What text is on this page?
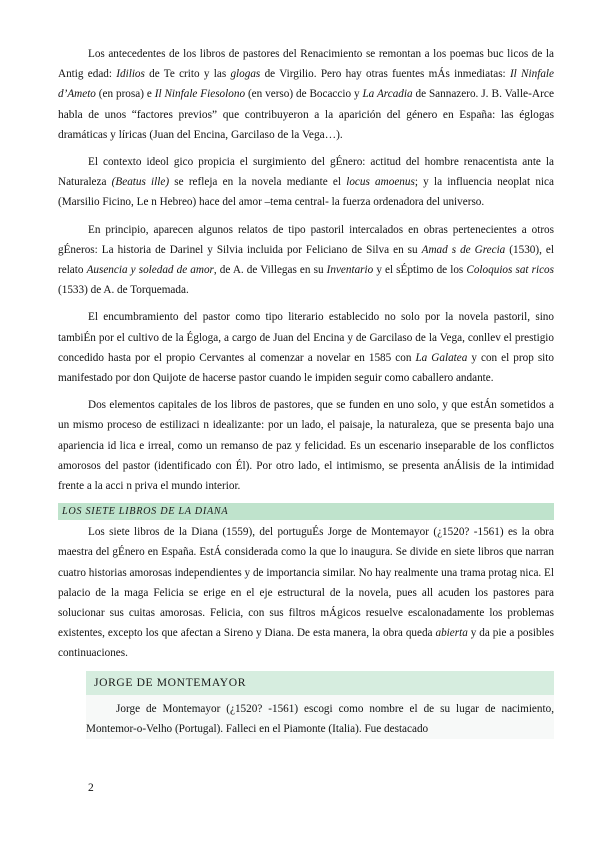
Los antecedentes de los libros de pastores del Renacimiento se remontan a los poemas buc licos de la Antig edad: Idilios de Te crito y las glogas de Virgilio. Pero hay otras fuentes mÁs inmediatas: Il Ninfale d’Ameto (en prosa) e Il Ninfale Fiesolono (en verso) de Bocaccio y La Arcadia de Sannazero. J. B. Valle-Arce habla de unos “factores previos” que contribuyeron a la aparición del género en España: las églogas dramáticas y líricas (Juan del Encina, Garcilaso de la Vega…).

El contexto ideol gico propicia el surgimiento del gÉnero: actitud del hombre renacentista ante la Naturaleza (Beatus ille) se refleja en la novela mediante el locus amoenus; y la influencia neoplat nica (Marsilio Ficino, Le n Hebreo) hace del amor –tema central- la fuerza ordenadora del universo.

En principio, aparecen algunos relatos de tipo pastoril intercalados en obras pertenecientes a otros gÉneros: La historia de Darinel y Silvia incluida por Feliciano de Silva en su Amad s de Grecia (1530), el relato Ausencia y soledad de amor, de A. de Villegas en su Inventario y el sÉptimo de los Coloquios sat ricos (1533) de A. de Torquemada.

El encumbramiento del pastor como tipo literario establecido no solo por la novela pastoril, sino tambiÉn por el cultivo de la Égloga, a cargo de Juan del Encina y de Garcilaso de la Vega, conllev el prestigio concedido hasta por el propio Cervantes al comenzar a novelar en 1585 con La Galatea y con el prop sito manifestado por don Quijote de hacerse pastor cuando le impiden seguir como caballero andante.

Dos elementos capitales de los libros de pastores, que se funden en uno solo, y que estÁn sometidos a un mismo proceso de estilizaci n idealizante: por un lado, el paisaje, la naturaleza, que se presenta bajo una apariencia id lica e irreal, como un remanso de paz y felicidad. Es un escenario inseparable de los conflictos amorosos del pastor (identificado con Él). Por otro lado, el intimismo, se presenta anÁlisis de la intimidad frente a la acci n priva el mundo interior.

LOS SIETE LIBROS DE LA DIANA

Los siete libros de la Diana (1559), del portuguÉs Jorge de Montemayor (¿1520? -1561) es la obra maestra del gÉnero en España. EstÁ considerada como la que lo inaugura. Se divide en siete libros que narran cuatro historias amorosas independientes y de importancia similar. No hay realmente una trama protag nica. El palacio de la maga Felicia se erige en el eje estructural de la novela, pues all acuden los pastores para solucionar sus cuitas amorosas. Felicia, con sus filtros mÁgicos resuelve escalonadamente los problemas existentes, excepto los que afectan a Sireno y Diana. De esta manera, la obra queda abierta y da pie a posibles continuaciones.

JORGE DE MONTEMAYOR

Jorge de Montemayor (¿1520? -1561) escogi como nombre el de su lugar de nacimiento, Montemor-o-Velho (Portugal). Falleci en el Piamonte (Italia). Fue destacado

2
